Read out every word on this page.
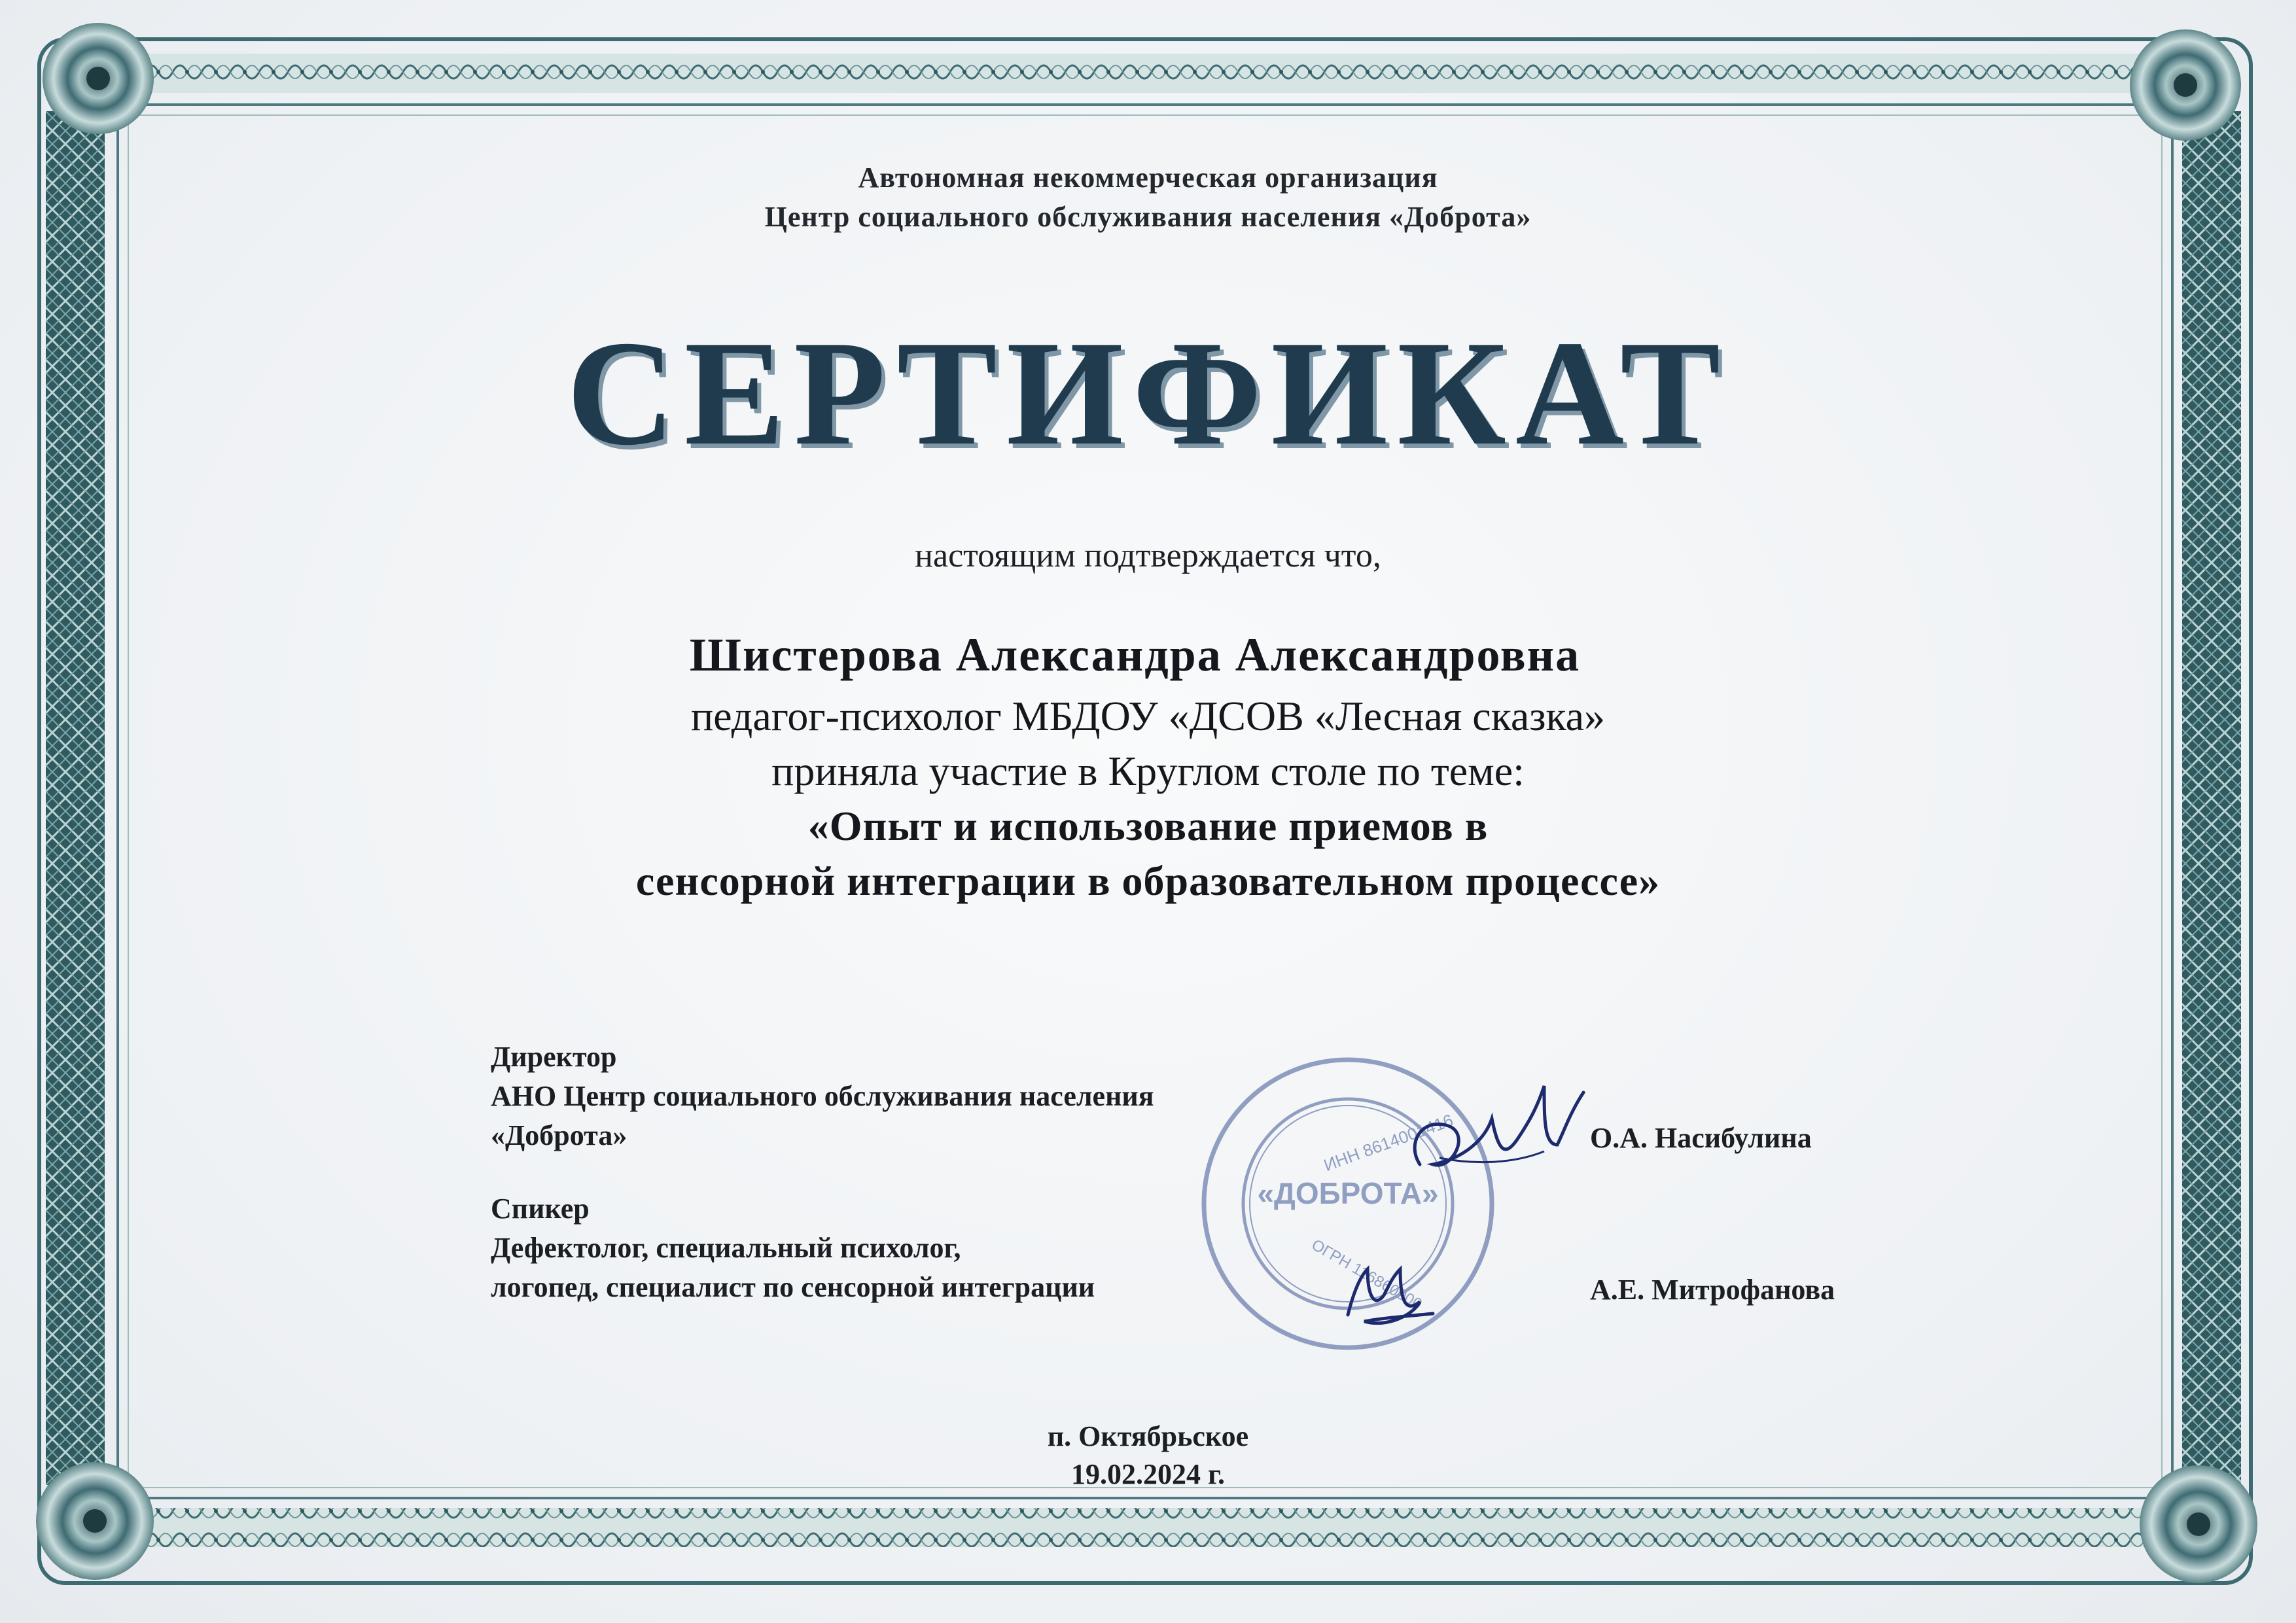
Автономная некоммерческая организация
Центр социального обслуживания населения «Доброта»
СЕРТИФИКАТ
настоящим подтверждается что,
Шистерова Александра Александровна
педагог-психолог МБДОУ «ДСОВ «Лесная сказка»
приняла участие в Круглом столе по теме:
«Опыт и использование приемов в
сенсорной интеграции в образовательном процессе»
Директор
АНО Центр социального обслуживания населения
«Доброта»	О.А. Насибулина
Спикер
Дефектолог, специальный психолог,
логопед, специалист по сенсорной интеграции	А.Е. Митрофанова
«ДОБРОТА»
ИНН 8614001416
ОГРН 116860000
п. Октябрьское
19.02.2024 г.
